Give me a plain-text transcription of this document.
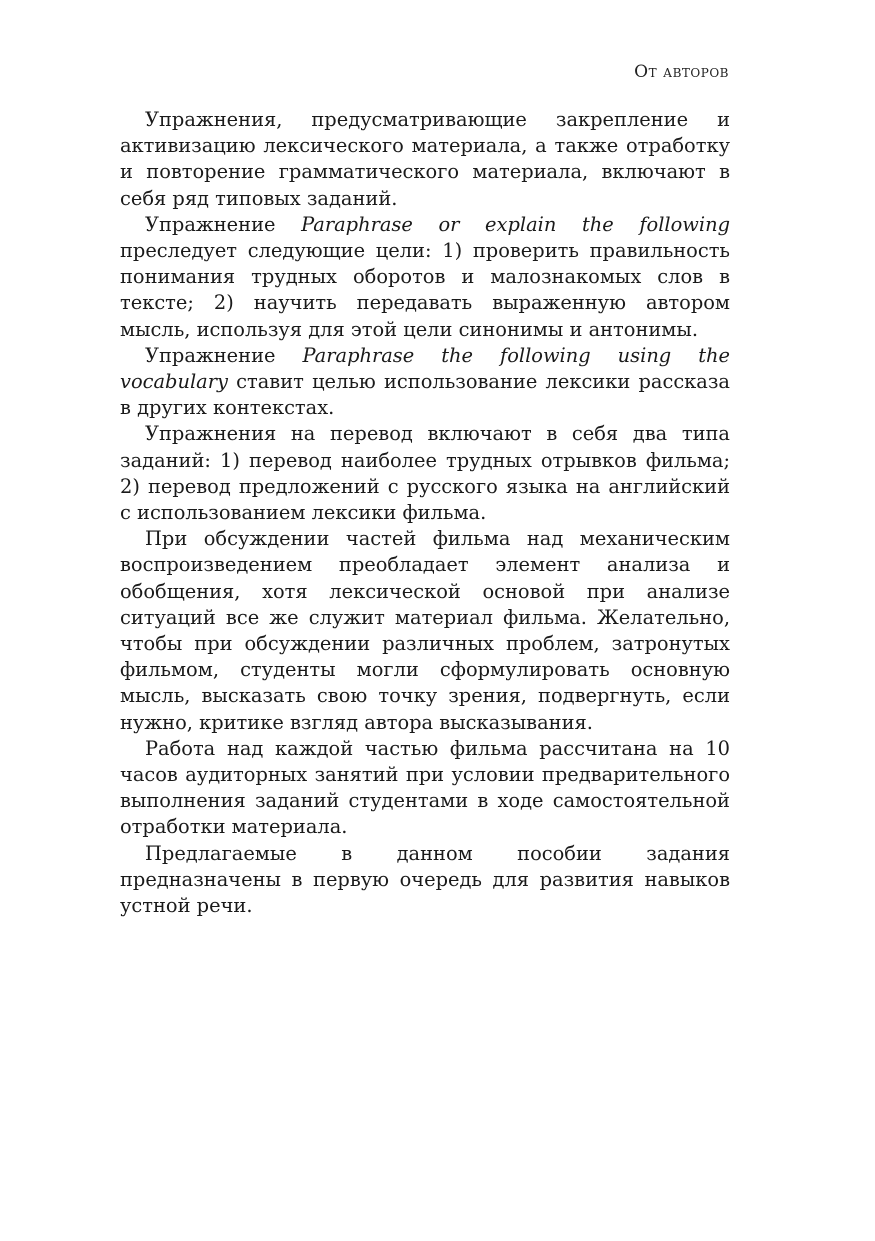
От авторов

Упражнения, предусматривающие закрепление и активизацию лексического материала, а также отработку и повторение грамматического материала, включают в себя ряд типовых заданий.

Упражнение Paraphrase or explain the following преследует следующие цели: 1) проверить правильность понимания трудных оборотов и малознакомых слов в тексте; 2) научить передавать выраженную автором мысль, используя для этой цели синонимы и антонимы.

Упражнение Paraphrase the following using the vocabulary ставит целью использование лексики рассказа в других контекстах.

Упражнения на перевод включают в себя два типа заданий: 1) перевод наиболее трудных отрывков фильма; 2) перевод предложений с русского языка на английский с использованием лексики фильма.

При обсуждении частей фильма над механическим воспроизведением преобладает элемент анализа и обобщения, хотя лексической основой при анализе ситуаций все же служит материал фильма. Желательно, чтобы при обсуждении различных проблем, затронутых фильмом, студенты могли сформулировать основную мысль, высказать свою точку зрения, подвергнуть, если нужно, критике взгляд автора высказывания.

Работа над каждой частью фильма рассчитана на 10 часов аудиторных занятий при условии предварительного выполнения заданий студентами в ходе самостоятельной отработки материала.

Предлагаемые в данном пособии задания предназначены в первую очередь для развития навыков устной речи.
